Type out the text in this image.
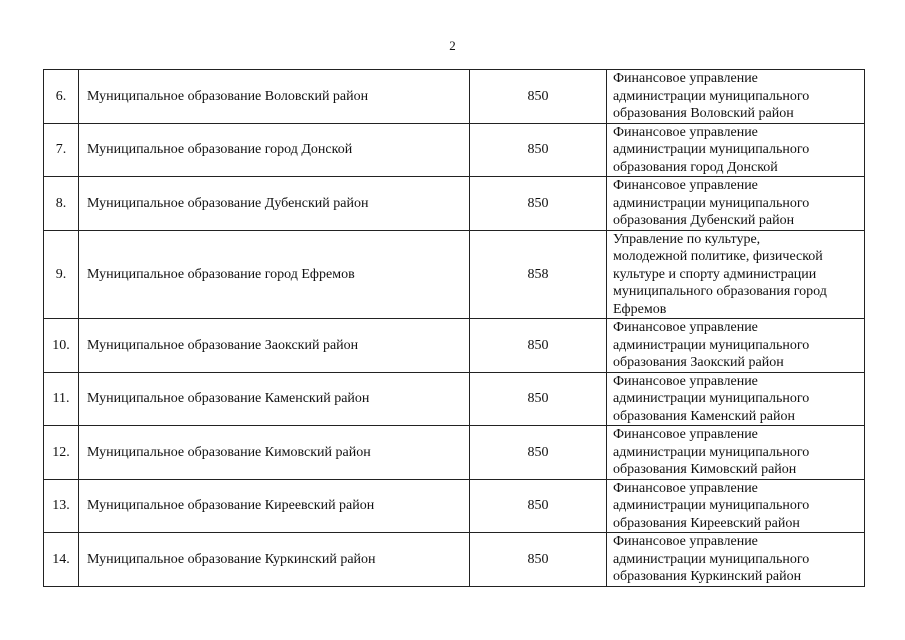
2
6.	Муниципальное образование Воловский район	850	Финансовое управление
администрации муниципального
образования Воловский район

7.	Муниципальное образование город Донской	850	Финансовое управление
администрации муниципального
образования город Донской

8.	Муниципальное образование Дубенский район	850	Финансовое управление
администрации муниципального
образования Дубенский район

9.	Муниципальное образование город Ефремов	858	Управление по культуре,
молодежной политике, физической
культуре и спорту администрации
муниципального образования город
Ефремов

10.	Муниципальное образование Заокский район	850	Финансовое управление
администрации муниципального
образования Заокский район

11.	Муниципальное образование Каменский район	850	Финансовое управление
администрации муниципального
образования Каменский район

12.	Муниципальное образование Кимовский район	850	Финансовое управление
администрации муниципального
образования Кимовский район

13.	Муниципальное образование Киреевский район	850	Финансовое управление
администрации муниципального
образования Киреевский район

14.	Муниципальное образование Куркинский район	850	Финансовое управление
администрации муниципального
образования Куркинский район
